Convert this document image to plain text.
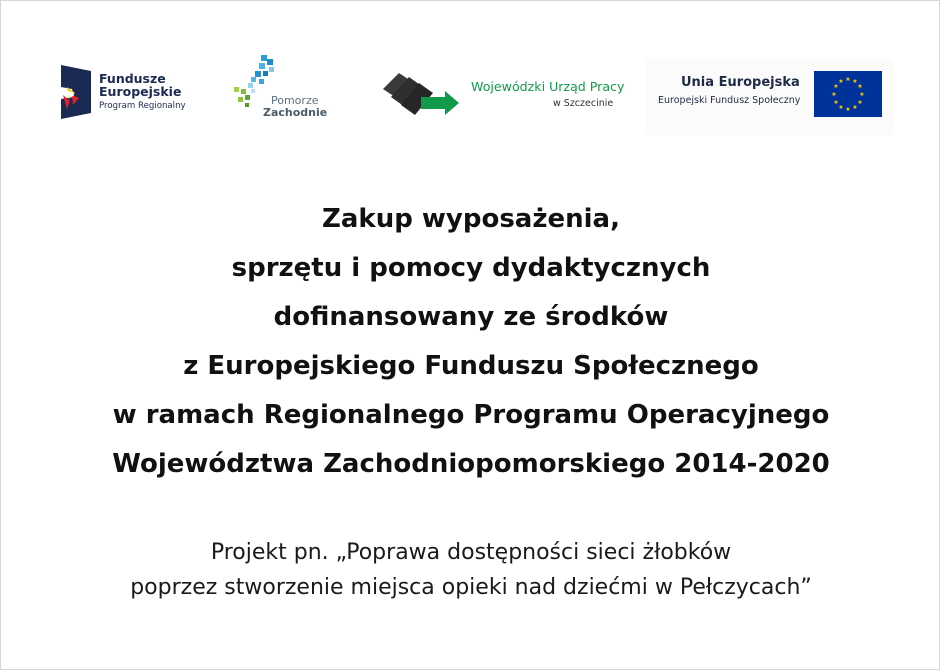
Fundusze
Europejskie
Program Regionalny	Pomorze
Zachodnie
Wojewódzki Urząd Pracy
w Szczecinie
Unia Europejska
Europejski Fundusz Społeczny
★ ★
★
★
★
★
★
★
★
★
★
★
Zakup wyposażenia,
sprzętu i pomocy dydaktycznych
dofinansowany ze środków
z Europejskiego Funduszu Społecznego
w ramach Regionalnego Programu Operacyjnego
Województwa Zachodniopomorskiego 2014-2020
Projekt pn. „Poprawa dostępności sieci żłobków
poprzez stworzenie miejsca opieki nad dziećmi w Pełczycach”
